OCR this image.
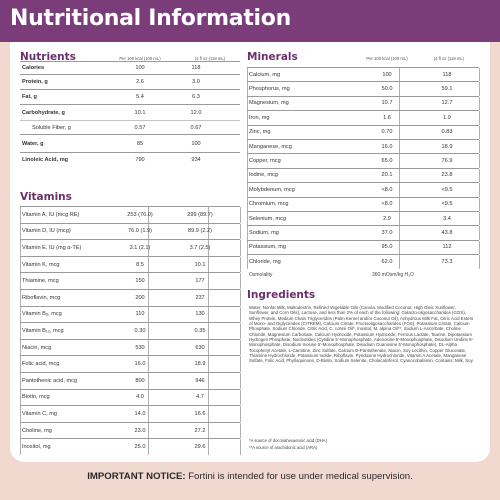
Nutritional Information
Nutrients	Per 100 kcal (100 mL)	(4 fl oz (118 mL)
Calories	100	118
Protein, g	2.6	3.0
Fat, g	5.4	6.3
Carbohydrate, g	10.1	12.0
Soluble Fiber, g	0.57	0.67
Water, g	85	100
Linoleic Acid, mg	790	934
Vitamins
Vitamin A, IU (mcg RE)	253 (76.0)	299 (89.7)
Vitamin D, IU (mcg)	76.0 (1.9)	89.9 (2.2)
Vitamin E, IU (mg α-TE)	3.1 (2.1)	3.7 (2.5)
Vitamin K, mcg	8.5	10.1
Thiamine, mcg	150	177
Riboflavin, mcg	200	237
Vitamin B₆, mcg	110	130
Vitamin B₁₂, mcg	0.30	0.35
Niacin, mcg	530	630
Folic acid, mcg	16.0	18.9
Pantothenic acid, mcg	800	946
Biotin, mcg	4.0	4.7
Vitamin C, mg	14.0	16.6
Choline, mg	23.0	27.2
Inositol, mg	25.0	29.6
Minerals	Per 100 kcal (100 mL)	(4 fl oz (118 mL)
Calcium, mg	100	118
Phosphorus, mg	50.0	59.1
Magnesium, mg	10.7	12.7
Iron, mg	1.6	1.9
Zinc, mg	0.70	0.83
Manganese, mcg	16.0	18.9
Copper, mcg	65.0	76.9
Iodine, mcg	20.1	23.8
Molybdenum, mcg	<8.0	<9.5
Chromium, mcg	<8.0	<9.5
Selenium, mcg	2.9	3.4
Sodium, mg	37.0	43.8
Potassium, mg	95.0	112
Chloride, mg	62.0	73.3
Osmolality	360 mOsm/kg H₂O
Ingredients
Water, Nonfat Milk, Maltodextrin, Refined Vegetable Oils (Canola, Modified Coconut, High Oleic Sunflower, Sunflower, and Corn Oils), Lactose, and less than 2% of each of the following: Galacto-oligosaccharides (GOS), Whey Protein, Medium Chain Triglycerides (Palm Kernel and/or Coconut Oil), Anhydrous Milk Fat, Citric Acid Esters of Mono- and Diglycerides (CITREM), Calcium Citrate, Fructooligosaccharides (FOS), Potassium Citrate, Calcium Phosphate, Sodium Chloride, Citric Acid, C. cohnii Oil*, Inositol, M. alpina Oil**, Sodium L-Ascorbate, Choline Chloride, Magnesium Carbonate, Calcium Hydroxide, Potassium Hydroxide, Ferrous Lactate, Taurine, Dipotassium Hydrogen Phosphate, Nucleotides (Cytidine 5'-Monophosphate, Adenosine 5'-Monophosphate, Disodium Uridine 5'-Monophosphate, Disodium Inosine 5'-Monophosphate, Disodium Guanosine 5'-Monophosphate), DL-Alpha Tocopheryl Acetate, L-Carnitine, Zinc Sulfate, Calcium D-Pantothenate, Niacin, Soy Lecithin, Copper Gluconate, Thiamine Hydrochloride, Potassium Iodide, Riboflavin, Pyridoxine Hydrochloride, Vitamin A Acetate, Manganese Sulfate, Folic Acid, Phylloquinone, D-Biotin, Sodium Selenite, Cholecalciferol, Cyanocobalamin. Contains: Milk, Soy.
*A source of docosahexaenoic acid (DHA)
**A source of arachidonic acid (ARA)
IMPORTANT NOTICE: Fortini is intended for use under medical supervision.
